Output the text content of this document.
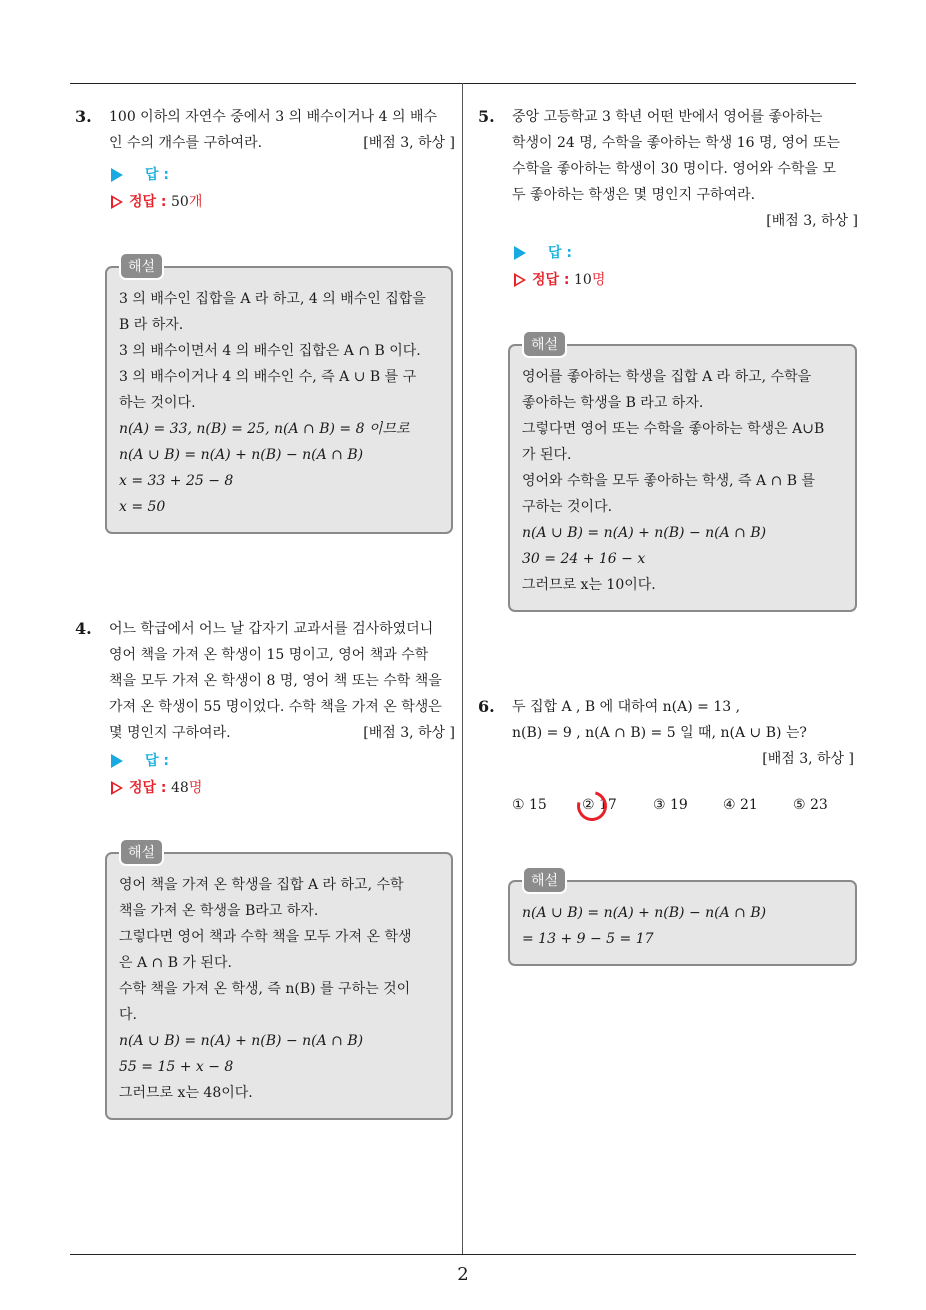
2
3. 100 이하의 자연수 중에서 3 의 배수이거나 4 의 배수
인 수의 개수를 구하여라.	[배점 3, 하상 ]
답 :
정답 : 50개
해설
3 의 배수인 집합을 A 라 하고, 4 의 배수인 집합을
B 라 하자.
3 의 배수이면서 4 의 배수인 집합은 A ∩ B 이다.
3 의 배수이거나 4 의 배수인 수, 즉 A ∪ B 를 구
하는 것이다.
n(A) = 33, n(B) = 25, n(A ∩ B) = 8 이므로
n(A ∪ B) = n(A) + n(B) − n(A ∩ B)
x = 33 + 25 − 8
x = 50
4. 어느 학급에서 어느 날 갑자기 교과서를 검사하였더니
영어 책을 가져 온 학생이 15 명이고, 영어 책과 수학
책을 모두 가져 온 학생이 8 명, 영어 책 또는 수학 책을
가져 온 학생이 55 명이었다. 수학 책을 가져 온 학생은
몇 명인지 구하여라.	[배점 3, 하상 ]
답 :
정답 : 48명
해설
영어 책을 가져 온 학생을 집합 A 라 하고, 수학
책을 가져 온 학생을 B라고 하자.
그렇다면 영어 책과 수학 책을 모두 가져 온 학생
은 A ∩ B 가 된다.
수학 책을 가져 온 학생, 즉 n(B) 를 구하는 것이
다.
n(A ∪ B) = n(A) + n(B) − n(A ∩ B)
55 = 15 + x − 8
그러므로 x는 48이다.
5. 중앙 고등학교 3 학년 어떤 반에서 영어를 좋아하는
학생이 24 명, 수학을 좋아하는 학생 16 명, 영어 또는
수학을 좋아하는 학생이 30 명이다. 영어와 수학을 모
두 좋아하는 학생은 몇 명인지 구하여라.
[배점 3, 하상 ]
답 :
정답 : 10명
해설
영어를 좋아하는 학생을 집합 A 라 하고, 수학을
좋아하는 학생을 B 라고 하자.
그렇다면 영어 또는 수학을 좋아하는 학생은 A∪B
가 된다.
영어와 수학을 모두 좋아하는 학생, 즉 A ∩ B 를
구하는 것이다.
n(A ∪ B) = n(A) + n(B) − n(A ∩ B)
30 = 24 + 16 − x
그러므로 x는 10이다.
6. 두 집합 A , B 에 대하여 n(A) = 13 ,
n(B) = 9 , n(A ∩ B) = 5 일 때, n(A ∪ B) 는?
[배점 3, 하상 ]
① 15	② 17	③ 19	④ 21	⑤ 23
해설
n(A ∪ B) = n(A) + n(B) − n(A ∩ B)
= 13 + 9 − 5 = 17
